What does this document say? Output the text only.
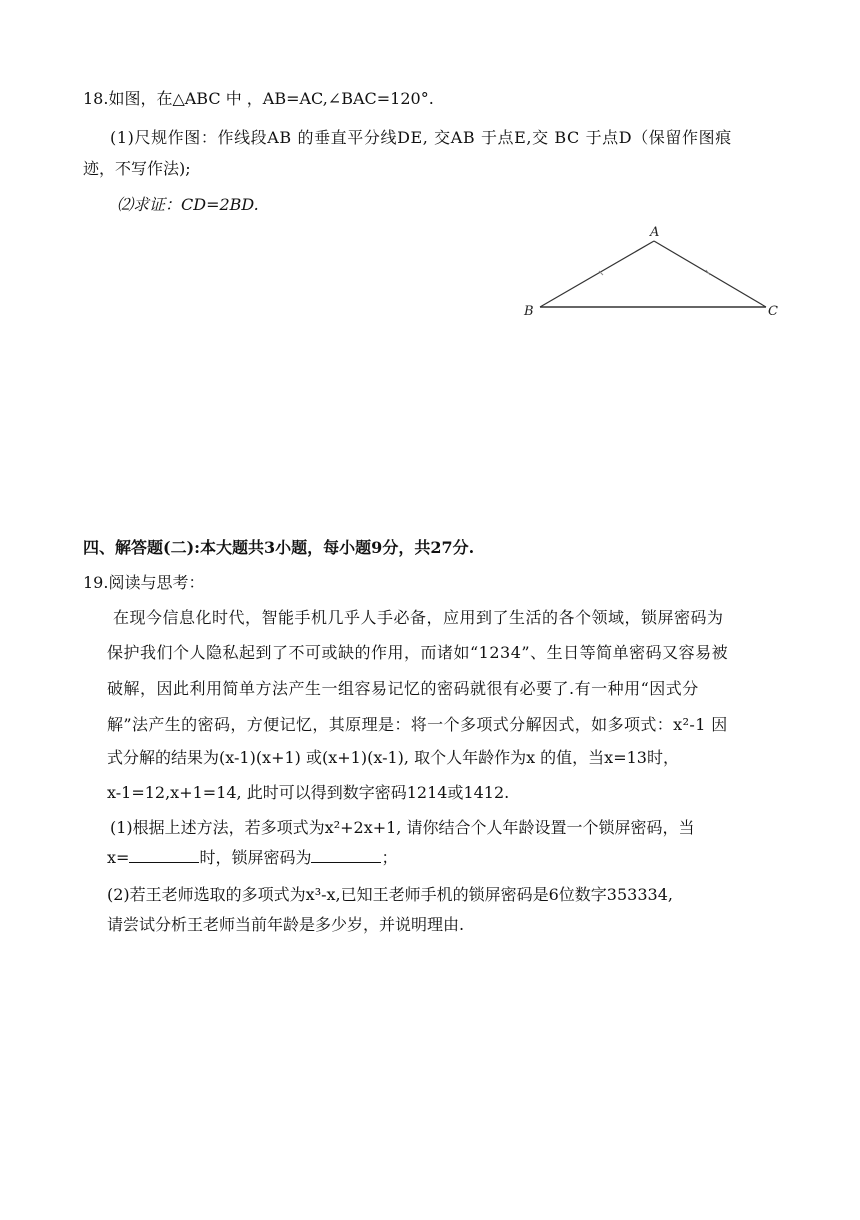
18.如图，在△ABC 中 ，AB=AC,∠BAC=120°.
(1)尺规作图：作线段AB 的垂直平分线DE, 交AB 于点E,交 BC 于点D（保留作图痕
迹，不写作法);
⑵求证：CD=2BD.
A
B	C
四、解答题(二):本大题共3小题，每小题9分，共27分.
19.阅读与思考：
在现今信息化时代，智能手机几乎人手必备，应用到了生活的各个领域，锁屏密码为
保护我们个人隐私起到了不可或缺的作用，而诸如“1234”、生日等简单密码又容易被
破解，因此利用简单方法产生一组容易记忆的密码就很有必要了.有一种用“因式分
解”法产生的密码，方便记忆，其原理是：将一个多项式分解因式，如多项式：x²-1 因
式分解的结果为(x-1)(x+1) 或(x+1)(x-1), 取个人年龄作为x 的值，当x=13时，
x-1=12,x+1=14, 此时可以得到数字密码1214或1412.
(1)根据上述方法，若多项式为x²+2x+1, 请你结合个人年龄设置一个锁屏密码，当
x=	时，锁屏密码为	；
(2)若王老师选取的多项式为x³-x,已知王老师手机的锁屏密码是6位数字353334,
请尝试分析王老师当前年龄是多少岁，并说明理由.
